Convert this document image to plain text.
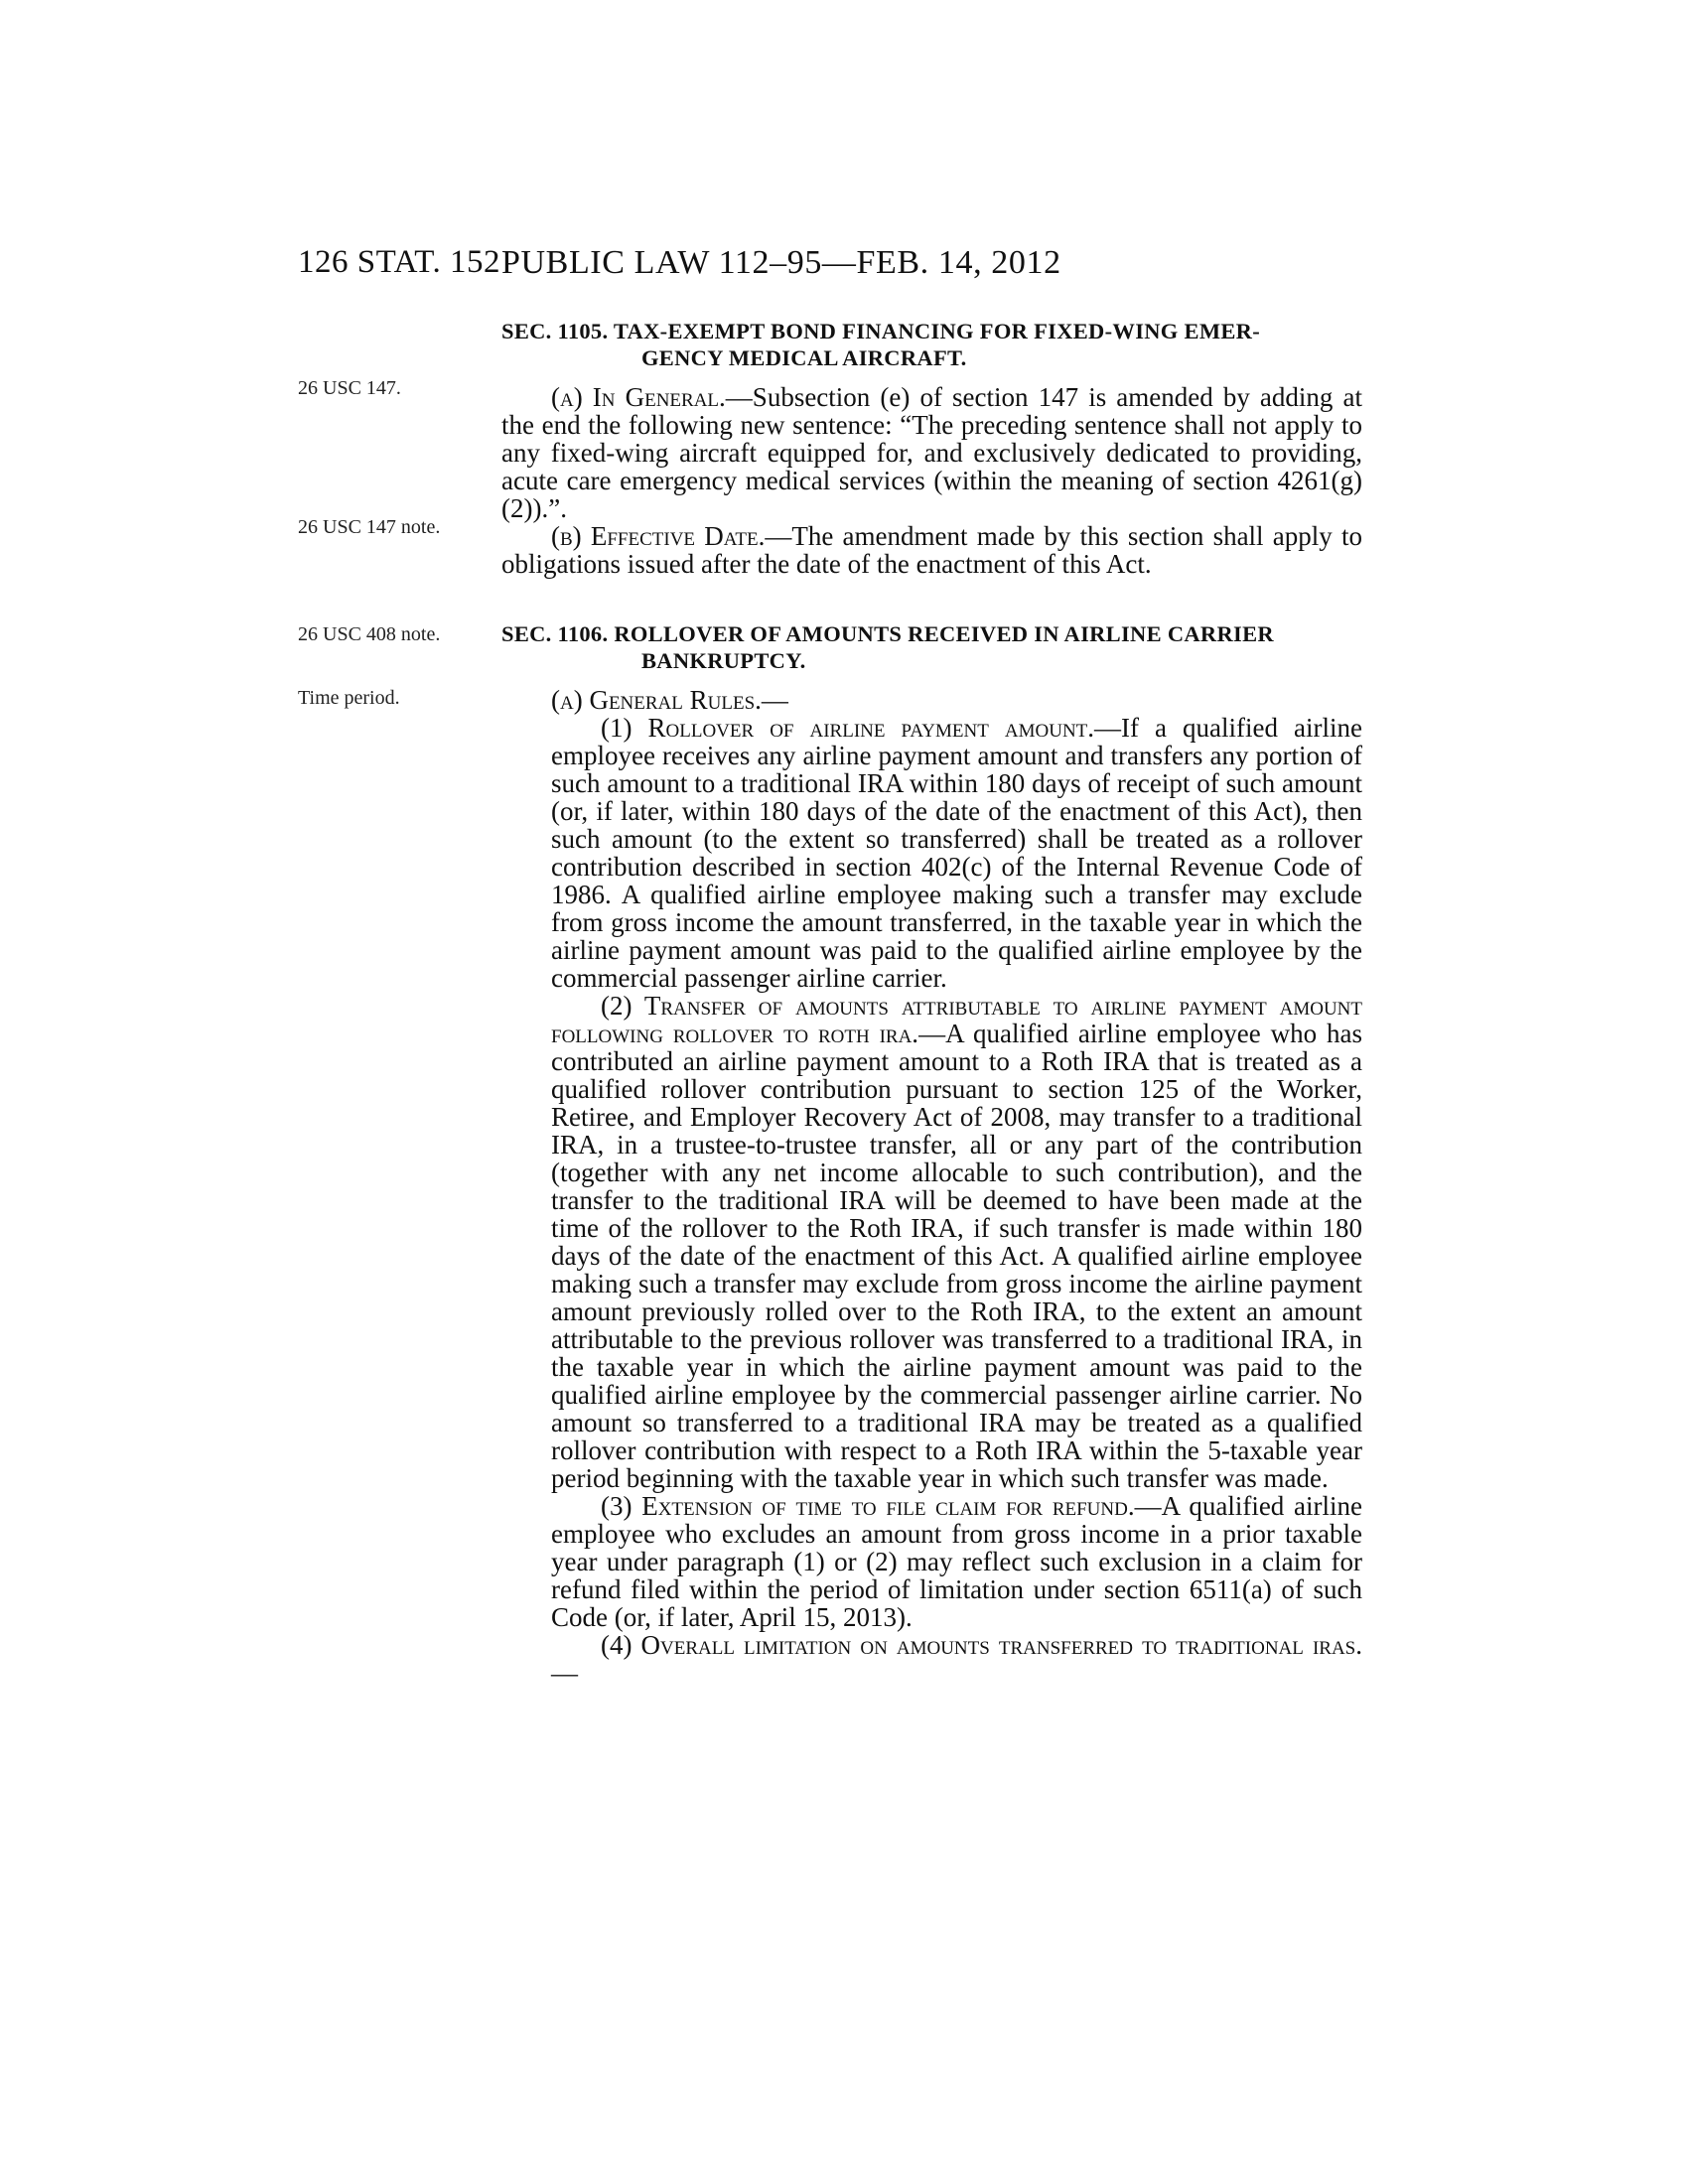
126 STAT. 152 PUBLIC LAW 112–95—FEB. 14, 2012
26 USC 147.
26 USC 147 note.
26 USC 408 note.
Time period.
SEC. 1105. TAX-EXEMPT BOND FINANCING FOR FIXED-WING EMER-
GENCY MEDICAL AIRCRAFT.

(a) In General.—Subsection (e) of section 147 is amended by adding at the end the following new sentence: “The preceding sentence shall not apply to any fixed-wing aircraft equipped for, and exclusively dedicated to providing, acute care emergency medical services (within the meaning of section 4261(g)(2)).”.

(b) Effective Date.—The amendment made by this section shall apply to obligations issued after the date of the enactment of this Act.

SEC. 1106. ROLLOVER OF AMOUNTS RECEIVED IN AIRLINE CARRIER
BANKRUPTCY.
(a) General Rules.—

(1) Rollover of airline payment amount.—If a qualified airline employee receives any airline payment amount and transfers any portion of such amount to a traditional IRA within 180 days of receipt of such amount (or, if later, within 180 days of the date of the enactment of this Act), then such amount (to the extent so transferred) shall be treated as a rollover contribution described in section 402(c) of the Internal Revenue Code of 1986. A qualified airline employee making such a transfer may exclude from gross income the amount transferred, in the taxable year in which the airline payment amount was paid to the qualified airline employee by the commercial passenger airline carrier.

(2) Transfer of amounts attributable to airline payment amount following rollover to roth ira.—A qualified airline employee who has contributed an airline payment amount to a Roth IRA that is treated as a qualified rollover contribution pursuant to section 125 of the Worker, Retiree, and Employer Recovery Act of 2008, may transfer to a traditional IRA, in a trustee-to-trustee transfer, all or any part of the contribution (together with any net income allocable to such contribution), and the transfer to the traditional IRA will be deemed to have been made at the time of the rollover to the Roth IRA, if such transfer is made within 180 days of the date of the enactment of this Act. A qualified airline employee making such a transfer may exclude from gross income the airline payment amount previously rolled over to the Roth IRA, to the extent an amount attributable to the previous rollover was transferred to a traditional IRA, in the taxable year in which the airline payment amount was paid to the qualified airline employee by the commercial passenger airline carrier. No amount so transferred to a traditional IRA may be treated as a qualified rollover contribution with respect to a Roth IRA within the 5-taxable year period beginning with the taxable year in which such transfer was made.

(3) Extension of time to file claim for refund.—A qualified airline employee who excludes an amount from gross income in a prior taxable year under paragraph (1) or (2) may reflect such exclusion in a claim for refund filed within the period of limitation under section 6511(a) of such Code (or, if later, April 15, 2013).

(4) Overall limitation on amounts transferred to traditional iras.—
